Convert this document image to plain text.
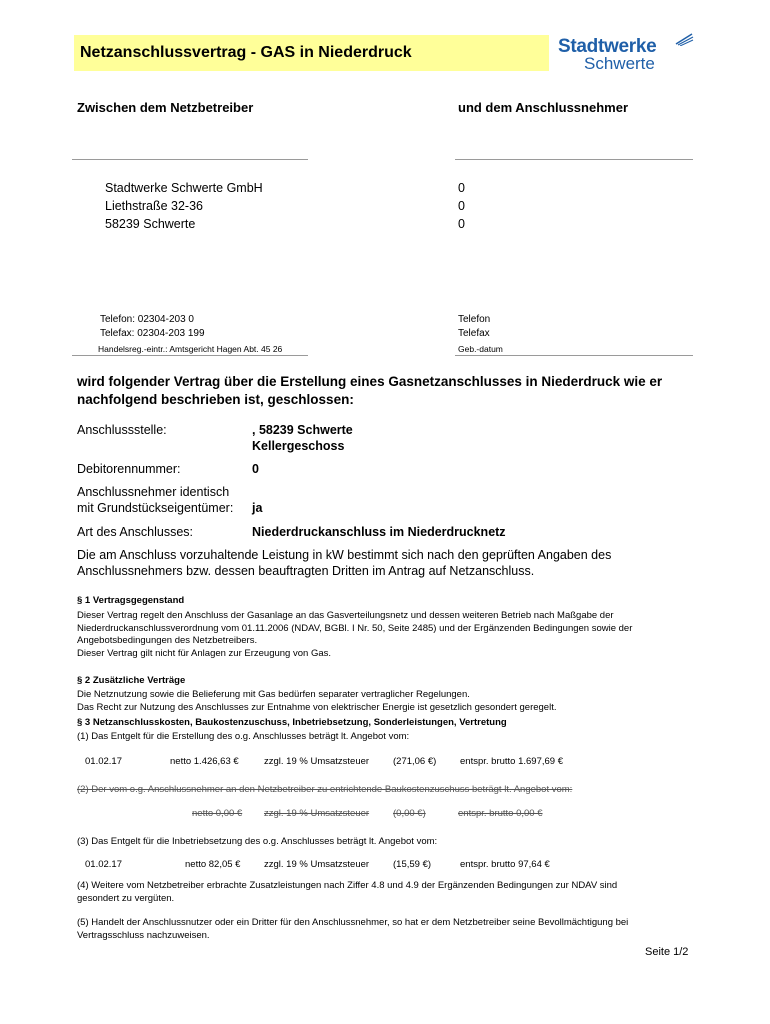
Netzanschlussvertrag - GAS in Niederdruck	Stadtwerke
Schwerte
Zwischen dem Netzbetreiber	und dem Anschlussnehmer
Stadtwerke Schwerte GmbH
Liethstraße 32-36
58239 Schwerte
0
0
0
Telefon: 02304-203 0
Telefax: 02304-203 199
Handelsreg.-eintr.: Amtsgericht Hagen Abt. 45 26
Telefon
Telefax
Geb.-datum
wird folgender Vertrag über die Erstellung eines Gasnetzanschlusses in Niederdruck wie er
nachfolgend beschrieben ist, geschlossen:
Anschlussstelle:	, 58239 Schwerte
Kellergeschoss
Debitorennummer:	0
Anschlussnehmer identisch
mit Grundstückseigentümer: ja
Art des Anschlusses:	Niederdruckanschluss im Niederdrucknetz
Die am Anschluss vorzuhaltende Leistung in kW bestimmt sich nach den geprüften Angaben des
Anschlussnehmers bzw. dessen beauftragten Dritten im Antrag auf Netzanschluss.
§ 1 Vertragsgegenstand
Dieser Vertrag regelt den Anschluss der Gasanlage an das Gasverteilungsnetz und dessen weiteren Betrieb nach Maßgabe der
Niederdruckanschlussverordnung vom 01.11.2006 (NDAV, BGBl. I Nr. 50, Seite 2485) und der Ergänzenden Bedingungen sowie der
Angebotsbedingungen des Netzbetreibers.
Dieser Vertrag gilt nicht für Anlagen zur Erzeugung von Gas.
§ 2 Zusätzliche Verträge
Die Netznutzung sowie die Belieferung mit Gas bedürfen separater vertraglicher Regelungen.
Das Recht zur Nutzung des Anschlusses zur Entnahme von elektrischer Energie ist gesetzlich gesondert geregelt.
§ 3 Netzanschlusskosten, Baukostenzuschuss, Inbetriebsetzung, Sonderleistungen, Vertretung
(1) Das Entgelt für die Erstellung des o.g. Anschlusses beträgt lt. Angebot vom:
01.02.17	netto 1.426,63 €	zzgl. 19 % Umsatzsteuer	(271,06 €) entspr. brutto 1.697,69 €
(2) Der vom o.g. Anschlussnehmer an den Netzbetreiber zu entrichtende Baukostenzuschuss beträgt lt. Angebot vom:
netto 0,00 € zzgl. 19 % Umsatzsteuer	(0,00 €)	entspr. brutto 0,00 €
(3) Das Entgelt für die Inbetriebsetzung des o.g. Anschlusses beträgt lt. Angebot vom:
01.02.17	netto 82,05 € zzgl. 19 % Umsatzsteuer	(15,59 €)	entspr. brutto 97,64 €
(4) Weitere vom Netzbetreiber erbrachte Zusatzleistungen nach Ziffer 4.8 und 4.9 der Ergänzenden Bedingungen zur NDAV sind
gesondert zu vergüten.
(5) Handelt der Anschlussnutzer oder ein Dritter für den Anschlussnehmer, so hat er dem Netzbetreiber seine Bevollmächtigung bei
Vertragsschluss nachzuweisen.
Seite 1/2
